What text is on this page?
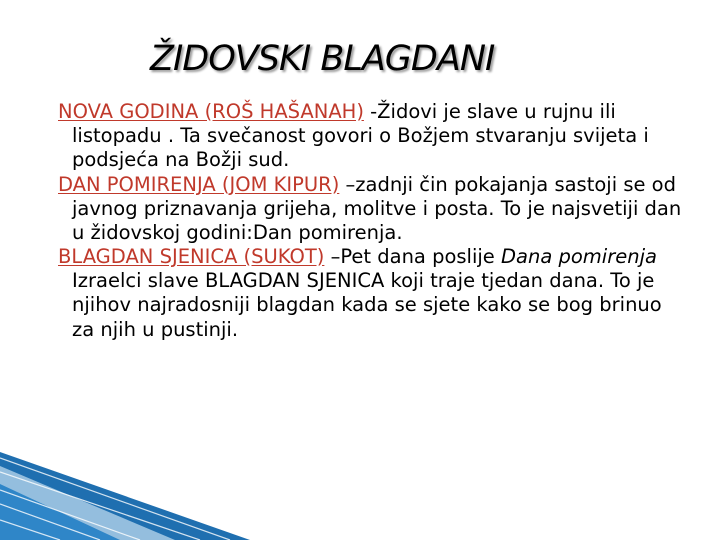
ŽIDOVSKI BLAGDANI

NOVA GODINA (ROŠ HAŠANAH) -Židovi je slave u rujnu ili listopadu . Ta svečanost govori o Božjem stvaranju svijeta i podsjeća na Božji sud.

DAN POMIRENJA (JOM KIPUR) –zadnji čin pokajanja sastoji se od javnog priznavanja grijeha, molitve i posta. To je najsvetiji dan u židovskoj godini:Dan pomirenja.

BLAGDAN SJENICA (SUKOT) –Pet dana poslije Dana pomirenja Izraelci slave BLAGDAN SJENICA koji traje tjedan dana. To je njihov najradosniji blagdan kada se sjete kako se bog brinuo za njih u pustinji.
